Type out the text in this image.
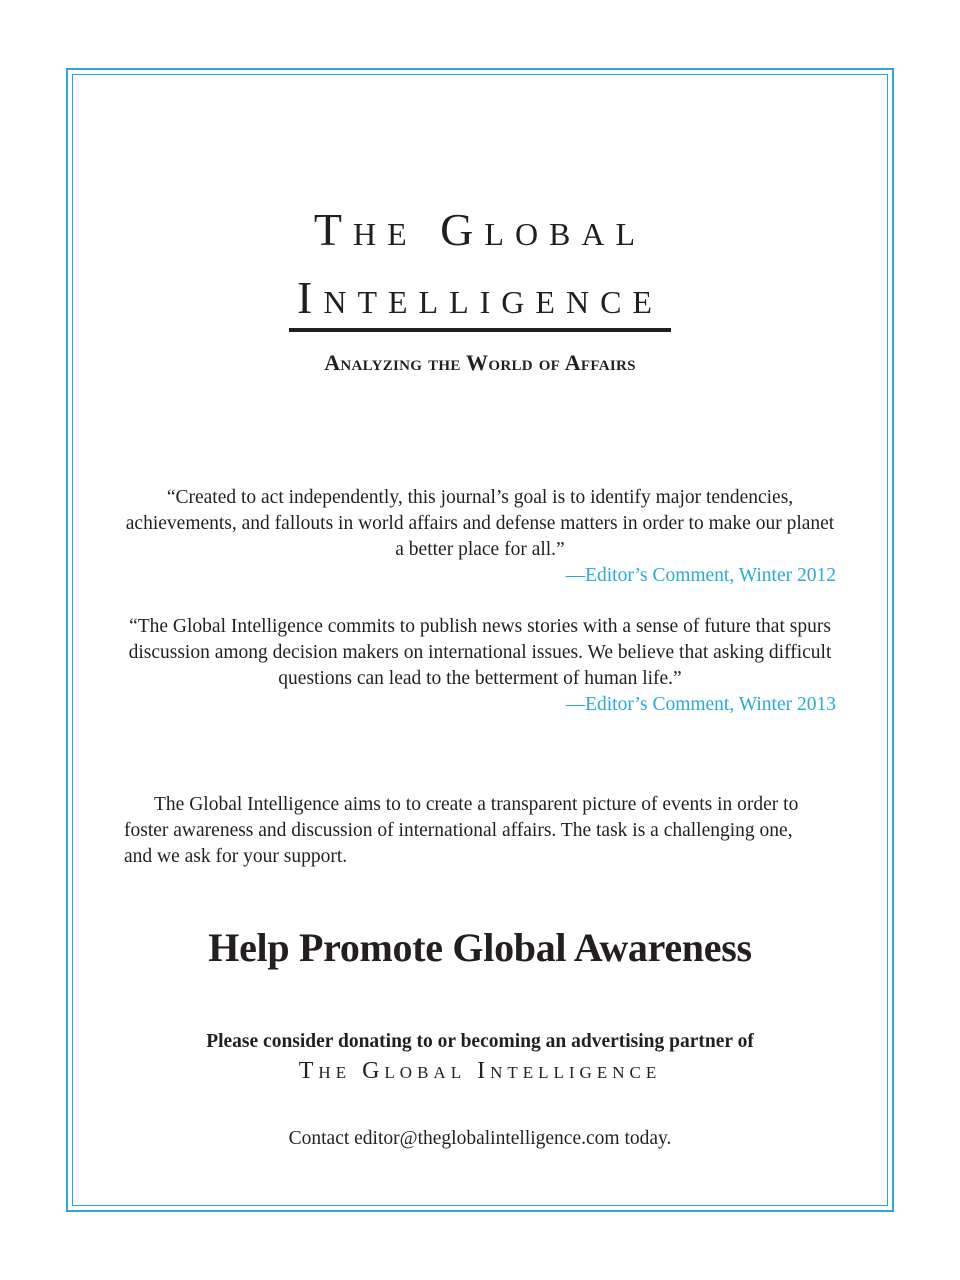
The Global
Intelligence
Analyzing the World of Affairs

“Created to act independently, this journal’s goal is to identify major tendencies, achievements, and fallouts in world affairs and defense matters in order to make our planet a better place for all.”

—Editor’s Comment, Winter 2012

“The Global Intelligence commits to publish news stories with a sense of future that spurs discussion among decision makers on international issues. We believe that asking difficult questions can lead to the betterment of human life.”

—Editor’s Comment, Winter 2013

The Global Intelligence aims to to create a transparent picture of events in order to foster awareness and discussion of international affairs. The task is a challenging one, and we ask for your support.

Help Promote Global Awareness
Please consider donating to or becoming an advertising partner of
The Global Intelligence
Contact editor@theglobalintelligence.com today.
